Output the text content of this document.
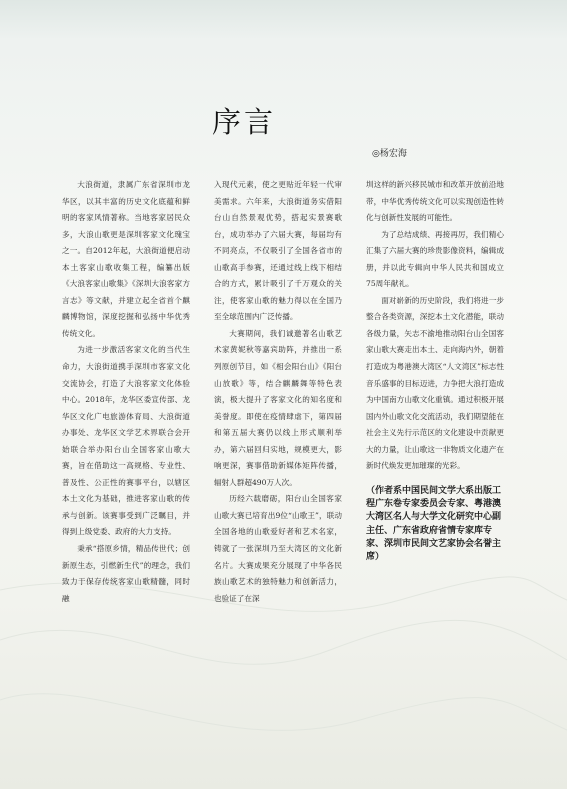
序言
◎杨宏海

大浪街道，隶属广东省深圳市龙华区，以其丰富的历史文化底蕴和鲜明的客家风情著称。当地客家居民众多，大浪山歌更是深圳客家文化瑰宝之一。自2012年起，大浪街道便启动本土客家山歌收集工程，编纂出版《大浪客家山歌集》《深圳大浪客家方言志》等文献，并建立起全省首个麒麟博物馆，深度挖掘和弘扬中华优秀传统文化。

为进一步激活客家文化的当代生命力，大浪街道携手深圳市客家文化交流协会，打造了大浪客家文化体验中心。2018年，龙华区委宣传部、龙华区文化广电旅游体育局、大浪街道办事处、龙华区文学艺术界联合会开始联合举办阳台山全国客家山歌大赛，旨在借助这一高规格、专业性、普及性、公正性的赛事平台，以辖区本土文化为基础，推进客家山歌的传承与创新。该赛事受到广泛瞩目，并得到上级党委、政府的大力支持。

秉承“搭原乡情，精品传世代；创新原生态，引燃新生代”的理念，我们致力于保存传统客家山歌精髓，同时融

入现代元素，使之更贴近年轻一代审美需求。六年来，大浪街道务实借阳台山自然景观优势，搭起实景赛歌台，成功举办了六届大赛，每届均有不同亮点，不仅吸引了全国各省市的山歌高手参赛，还通过线上线下相结合的方式，累计吸引了千万观众的关注，使客家山歌的魅力得以在全国乃至全球范围内广泛传播。

大赛期间，我们诚邀著名山歌艺术家黄妮秋等嘉宾助阵，并推出一系列原创节目，如《相会阳台山》《阳台山放歌》等，结合麒麟舞等特色表演，极大提升了客家文化的知名度和美誉度。即使在疫情肆虐下，第四届和第五届大赛仍以线上形式顺利举办，第六届回归实地，规模更大，影响更深，赛事借助新媒体矩阵传播，辐射人群超490万人次。

历经六载磨砺，阳台山全国客家山歌大赛已培育出9位“山歌王”，联动全国各地的山歌爱好者和艺术名家，铸就了一张深圳乃至大湾区的文化新名片。大赛成果充分展现了中华各民族山歌艺术的独特魅力和创新活力，也验证了在深

圳这样的新兴移民城市和改革开放前沿地带，中华优秀传统文化可以实现创造性转化与创新性发展的可能性。

为了总结成绩、再接再厉，我们精心汇集了六届大赛的珍贵影像资料，编辑成册，并以此专辑向中华人民共和国成立75周年献礼。

面对崭新的历史阶段，我们将进一步整合各类资源，深挖本土文化潜能，联动各级力量，矢志不渝地推动阳台山全国客家山歌大赛走出本土、走向海内外，朝着打造成为粤港澳大湾区“人文湾区”标志性音乐盛事的目标迈进，力争把大浪打造成为中国南方山歌文化重镇。通过积极开展国内外山歌文化交流活动，我们期望能在社会主义先行示范区的文化建设中贡献更大的力量，让山歌这一非物质文化遗产在新时代焕发更加璀璨的光彩。

（作者系中国民间文学大系出版工程广东卷专家委员会专家、粤港澳大湾区名人与大学文化研究中心副主任、广东省政府省情专家库专家、深圳市民间文艺家协会名誉主席）
